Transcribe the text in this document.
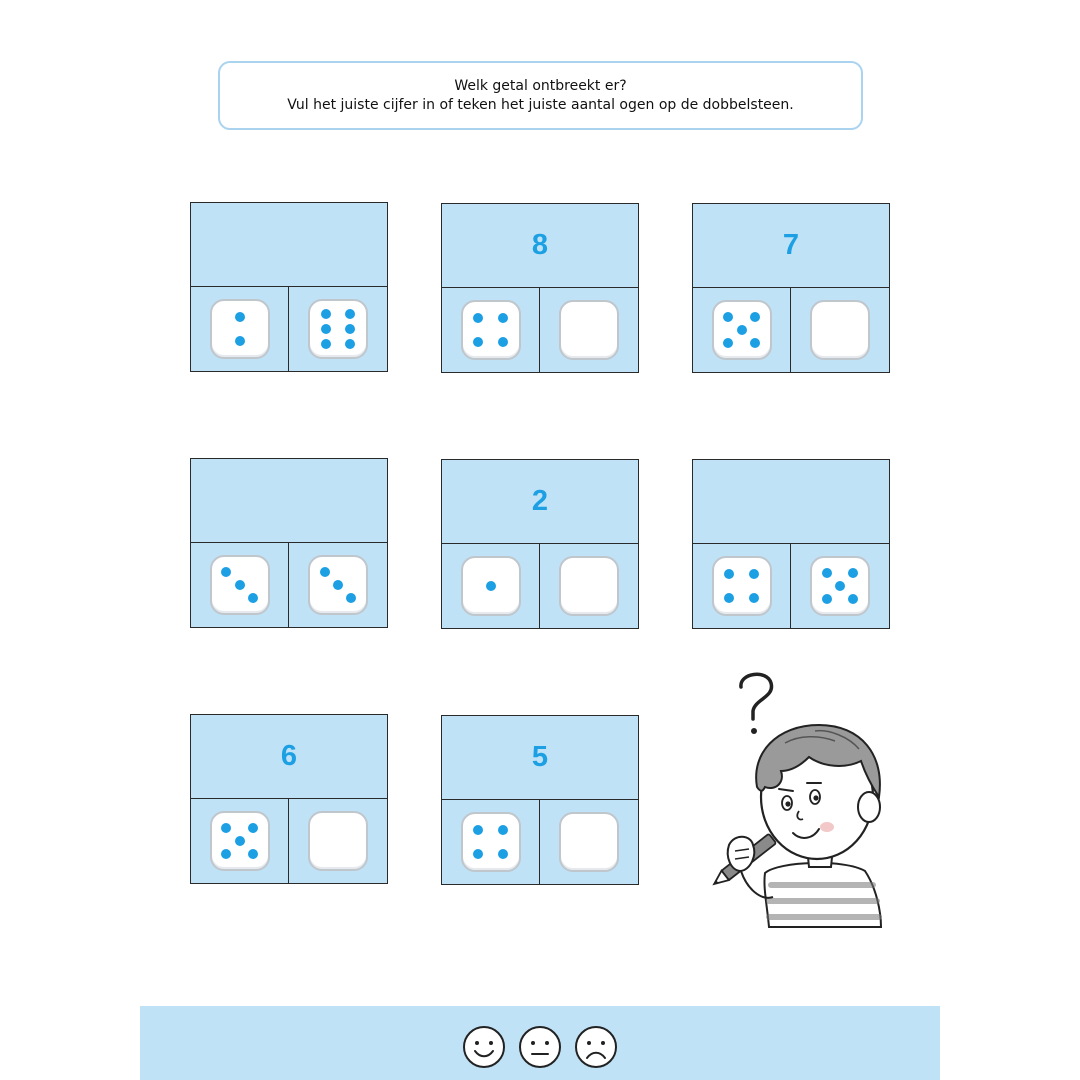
Welk getal ontbreekt er?
Vul het juiste cijfer in of teken het juiste aantal ogen op de dobbelsteen.
8	7
2
6	5
